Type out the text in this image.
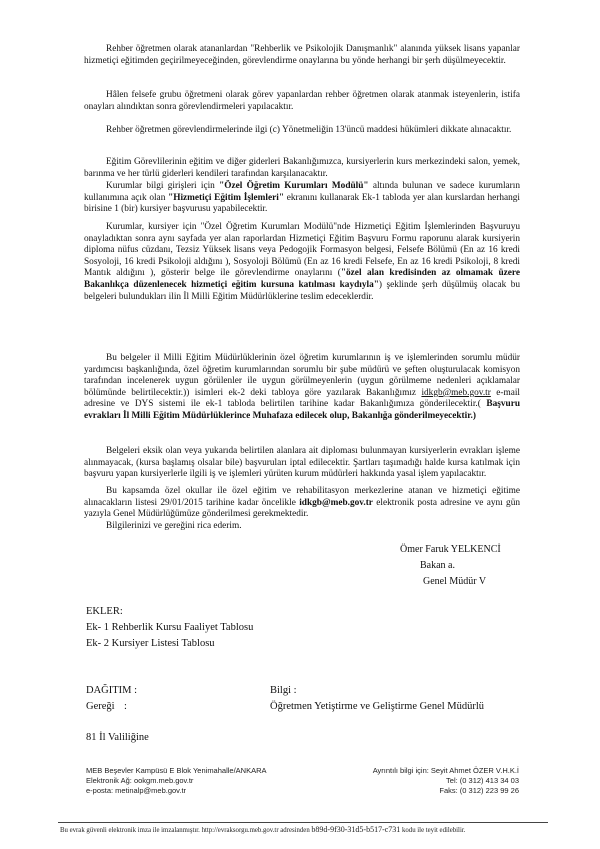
Rehber öğretmen olarak atananlardan "Rehberlik ve Psikolojik Danışmanlık" alanında yüksek lisans yapanlar hizmetiçi eğitimden geçirilmeyeceğinden, görevlendirme onaylarına bu yönde herhangi bir şerh düşülmeyecektir.

Hâlen felsefe grubu öğretmeni olarak görev yapanlardan rehber öğretmen olarak atanmak isteyenlerin, istifa onayları alındıktan sonra görevlendirmeleri yapılacaktır.

Rehber öğretmen görevlendirmelerinde ilgi (c) Yönetmeliğin 13'üncü maddesi hükümleri dikkate alınacaktır.

Eğitim Görevlilerinin eğitim ve diğer giderleri Bakanlığımızca, kursiyerlerin kurs merkezindeki salon, yemek, barınma ve her türlü giderleri kendileri tarafından karşılanacaktır.

Kurumlar bilgi girişleri için "Özel Öğretim Kurumları Modülü" altında bulunan ve sadece kurumların kullanımına açık olan "Hizmetiçi Eğitim İşlemleri" ekranını kullanarak Ek-1 tabloda yer alan kurslardan herhangi birisine 1 (bir) kursiyer başvurusu yapabilecektir.

Kurumlar, kursiyer için "Özel Öğretim Kurumları Modülü"nde Hizmetiçi Eğitim İşlemlerinden Başvuruyu onayladıktan sonra aynı sayfada yer alan raporlardan Hizmetiçi Eğitim Başvuru Formu raporunu alarak kursiyerin diploma nüfus cüzdanı, Tezsiz Yüksek lisans veya Pedogojik Formasyon belgesi, Felsefe Bölümü (En az 16 kredi Sosyoloji, 16 kredi Psikoloji aldığını ), Sosyoloji Bölümü (En az 16 kredi Felsefe, En az 16 kredi Psikoloji, 8 kredi Mantık aldığını ), gösterir belge ile görevlendirme onaylarını ("özel alan kredisinden az olmamak üzere Bakanlıkça düzenlenecek hizmetiçi eğitim kursuna katılması kaydıyla") şeklinde şerh düşülmüş olacak bu belgeleri bulundukları ilin İl Milli Eğitim Müdürlüklerine teslim edeceklerdir.

Bu belgeler il Milli Eğitim Müdürlüklerinin özel öğretim kurumlarının iş ve işlemlerinden sorumlu müdür yardımcısı başkanlığında, özel öğretim kurumlarından sorumlu bir şube müdürü ve şeften oluşturulacak komisyon tarafından incelenerek uygun görülenler ile uygun görülmeyenlerin (uygun görülmeme nedenleri açıklamalar bölümünde belirtilecektir.)) isimleri ek-2 deki tabloya göre yazılarak Bakanlığımız idkgb@meb.gov.tr e-mail adresine ve DYS sistemi ile ek-1 tabloda belirtilen tarihine kadar Bakanlığımıza gönderilecektir.( Başvuru evrakları İl Milli Eğitim Müdürlüklerince Muhafaza edilecek olup, Bakanlığa gönderilmeyecektir.)

Belgeleri eksik olan veya yukarıda belirtilen alanlara ait diploması bulunmayan kursiyerlerin evrakları işleme alınmayacak, (kursa başlamış olsalar bile) başvuruları iptal edilecektir. Şartları taşımadığı halde kursa katılmak için başvuru yapan kursiyerlerle ilgili iş ve işlemleri yürüten kurum müdürleri hakkında yasal işlem yapılacaktır.

Bu kapsamda özel okullar ile özel eğitim ve rehabilitasyon merkezlerine atanan ve hizmetiçi eğitime alınacakların listesi 29/01/2015 tarihine kadar öncelikle idkgb@meb.gov.tr elektronik posta adresine ve aynı gün yazıyla Genel Müdürlüğümüze gönderilmesi gerekmektedir.

Bilgilerinizi ve gereğini rica ederim.

Ömer Faruk YELKENCİ
Bakan a.
Genel Müdür V
EKLER:
Ek- 1 Rehberlik Kursu Faaliyet Tablosu
Ek- 2 Kursiyer Listesi Tablosu
DAĞITIM :
Gereği :
Bilgi :
Öğretmen Yetiştirme ve Geliştirme Genel Müdürlü
81 İl Valiliğine
MEB Beşevler Kampüsü E Blok Yenimahalle/ANKARA
Elektronik Ağ: ookgm.meb.gov.tr
e-posta: metinalp@meb.gov.tr
Ayrıntılı bilgi için: Seyit Ahmet ÖZER V.H.K.İ
Tel: (0 312) 413 34 03
Faks: (0 312) 223 99 26
Bu evrak güvenli elektronik imza ile imzalanmıştır. http://evraksorgu.meb.gov.tr adresinden b89d-9f30-31d5-b517-c731 kodu ile teyit edilebilir.
